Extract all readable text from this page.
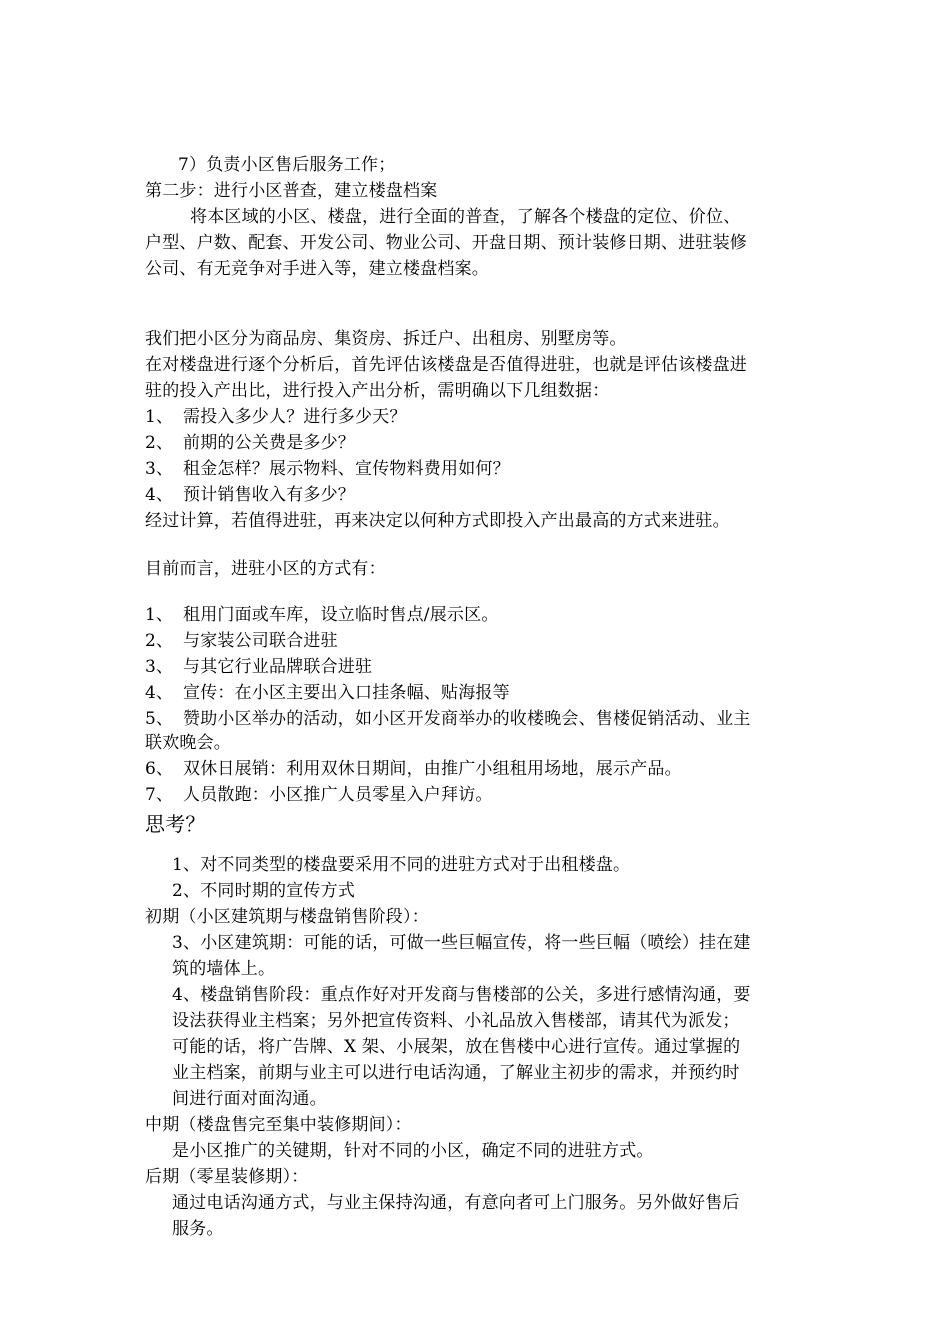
7）负责小区售后服务工作；
第二步：进行小区普查，建立楼盘档案
将本区域的小区、楼盘，进行全面的普查，了解各个楼盘的定位、价位、
户型、户数、配套、开发公司、物业公司、开盘日期、预计装修日期、进驻装修
公司、有无竞争对手进入等，建立楼盘档案。
我们把小区分为商品房、集资房、拆迁户、出租房、别墅房等。
在对楼盘进行逐个分析后，首先评估该楼盘是否值得进驻，也就是评估该楼盘进
驻的投入产出比，进行投入产出分析，需明确以下几组数据：
1、 需投入多少人？进行多少天？
2、 前期的公关费是多少？
3、 租金怎样？展示物料、宣传物料费用如何？
4、 预计销售收入有多少？
经过计算，若值得进驻，再来决定以何种方式即投入产出最高的方式来进驻。
目前而言，进驻小区的方式有：
1、 租用门面或车库，设立临时售点/展示区。
2、 与家装公司联合进驻
3、 与其它行业品牌联合进驻
4、 宣传：在小区主要出入口挂条幅、贴海报等
5、 赞助小区举办的活动，如小区开发商举办的收楼晚会、售楼促销活动、业主
联欢晚会。
6、 双休日展销：利用双休日期间，由推广小组租用场地，展示产品。
7、 人员散跑：小区推广人员零星入户拜访。
思考？
1、对不同类型的楼盘要采用不同的进驻方式对于出租楼盘。
2、不同时期的宣传方式
初期（小区建筑期与楼盘销售阶段）：
3、小区建筑期：可能的话，可做一些巨幅宣传，将一些巨幅（喷绘）挂在建
筑的墙体上。
4、楼盘销售阶段：重点作好对开发商与售楼部的公关，多进行感情沟通，要
设法获得业主档案；另外把宣传资料、小礼品放入售楼部，请其代为派发；
可能的话，将广告牌、X 架、小展架，放在售楼中心进行宣传。通过掌握的
业主档案，前期与业主可以进行电话沟通，了解业主初步的需求，并预约时
间进行面对面沟通。
中期（楼盘售完至集中装修期间）：
是小区推广的关键期，针对不同的小区，确定不同的进驻方式。
后期（零星装修期）：
通过电话沟通方式，与业主保持沟通，有意向者可上门服务。另外做好售后
服务。
